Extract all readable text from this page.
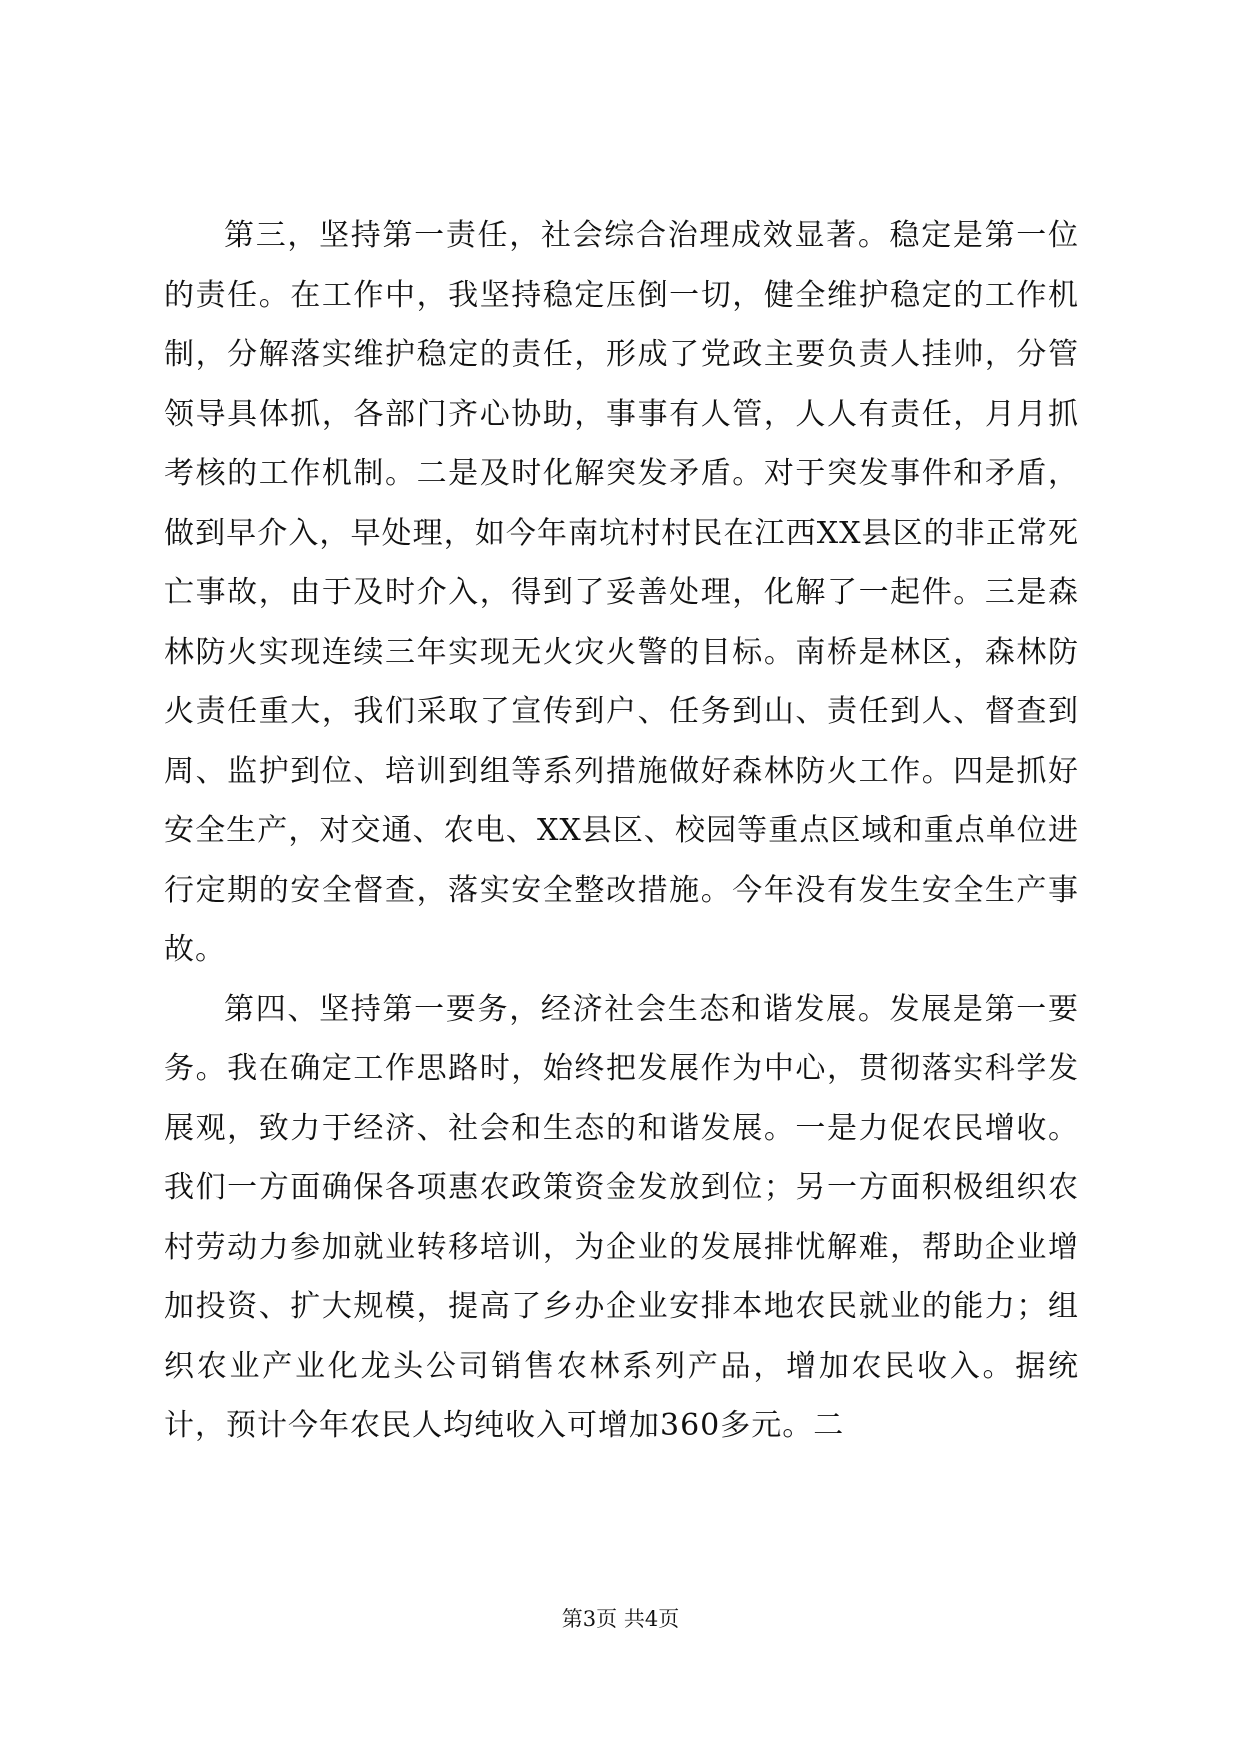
第三，坚持第一责任，社会综合治理成效显著。稳定是第一位的责任。在工作中，我坚持稳定压倒一切，健全维护稳定的工作机制，分解落实维护稳定的责任，形成了党政主要负责人挂帅，分管领导具体抓，各部门齐心协助，事事有人管，人人有责任，月月抓考核的工作机制。二是及时化解突发矛盾。对于突发事件和矛盾，做到早介入，早处理，如今年南坑村村民在江西XX县区的非正常死亡事故，由于及时介入，得到了妥善处理，化解了一起件。三是森林防火实现连续三年实现无火灾火警的目标。南桥是林区，森林防火责任重大，我们采取了宣传到户、任务到山、责任到人、督查到周、监护到位、培训到组等系列措施做好森林防火工作。四是抓好安全生产，对交通、农电、XX县区、校园等重点区域和重点单位进行定期的安全督查，落实安全整改措施。今年没有发生安全生产事故。

第四、坚持第一要务，经济社会生态和谐发展。发展是第一要务。我在确定工作思路时，始终把发展作为中心，贯彻落实科学发展观，致力于经济、社会和生态的和谐发展。一是力促农民增收。我们一方面确保各项惠农政策资金发放到位；另一方面积极组织农村劳动力参加就业转移培训，为企业的发展排忧解难，帮助企业增加投资、扩大规模，提高了乡办企业安排本地农民就业的能力；组织农业产业化龙头公司销售农林系列产品，增加农民收入。据统计，预计今年农民人均纯收入可增加360多元。二

第3页 共4页
